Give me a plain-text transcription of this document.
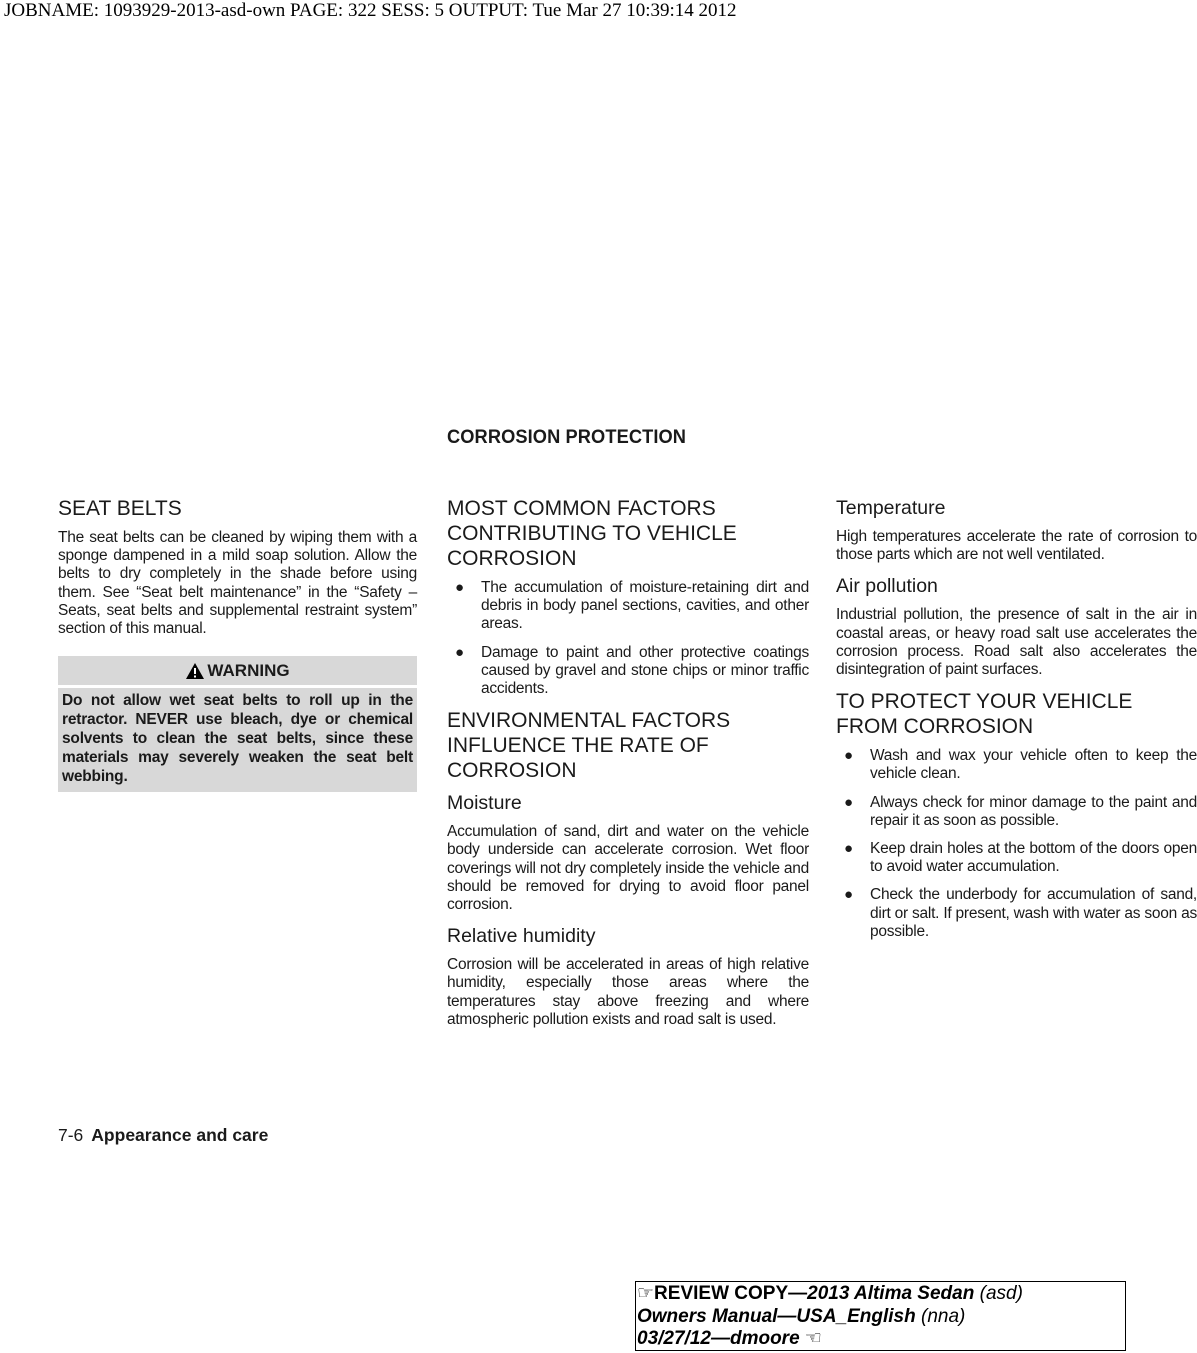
JOBNAME: 1093929-2013-asd-own PAGE: 322 SESS: 5 OUTPUT: Tue Mar 27 10:39:14 2012
CORROSION PROTECTION
SEAT BELTS

The seat belts can be cleaned by wiping them with a sponge dampened in a mild soap solution. Allow the belts to dry completely in the shade before using them. See “Seat belt maintenance” in the “Safety – Seats, seat belts and supplemental restraint system” section of this manual.

WARNING
Do not allow wet seat belts to roll up in the retractor. NEVER use bleach, dye or chemical solvents to clean the seat belts, since these materials may severely weaken the seat belt webbing.
MOST COMMON FACTORS CONTRIBUTING TO VEHICLE CORROSION
● The accumulation of moisture-retaining dirt and debris in body panel sections, cavities, and other areas.
● Damage to paint and other protective coatings caused by gravel and stone chips or minor traffic accidents.
ENVIRONMENTAL FACTORS INFLUENCE THE RATE OF CORROSION
Moisture

Accumulation of sand, dirt and water on the vehicle body underside can accelerate corrosion. Wet floor coverings will not dry completely inside the vehicle and should be removed for drying to avoid floor panel corrosion.

Relative humidity

Corrosion will be accelerated in areas of high relative humidity, especially those areas where the temperatures stay above freezing and where atmospheric pollution exists and road salt is used.

Temperature

High temperatures accelerate the rate of corrosion to those parts which are not well ventilated.

Air pollution

Industrial pollution, the presence of salt in the air in coastal areas, or heavy road salt use accelerates the corrosion process. Road salt also accelerates the disintegration of paint surfaces.

TO PROTECT YOUR VEHICLE FROM CORROSION
● Wash and wax your vehicle often to keep the vehicle clean.
● Always check for minor damage to the paint and repair it as soon as possible.
● Keep drain holes at the bottom of the doors open to avoid water accumulation.
● Check the underbody for accumulation of sand, dirt or salt. If present, wash with water as soon as possible.
7-6 Appearance and care
☞REVIEW COPY—2013 Altima Sedan (asd)
Owners Manual—USA_English (nna)
03/27/12—dmoore ☜
